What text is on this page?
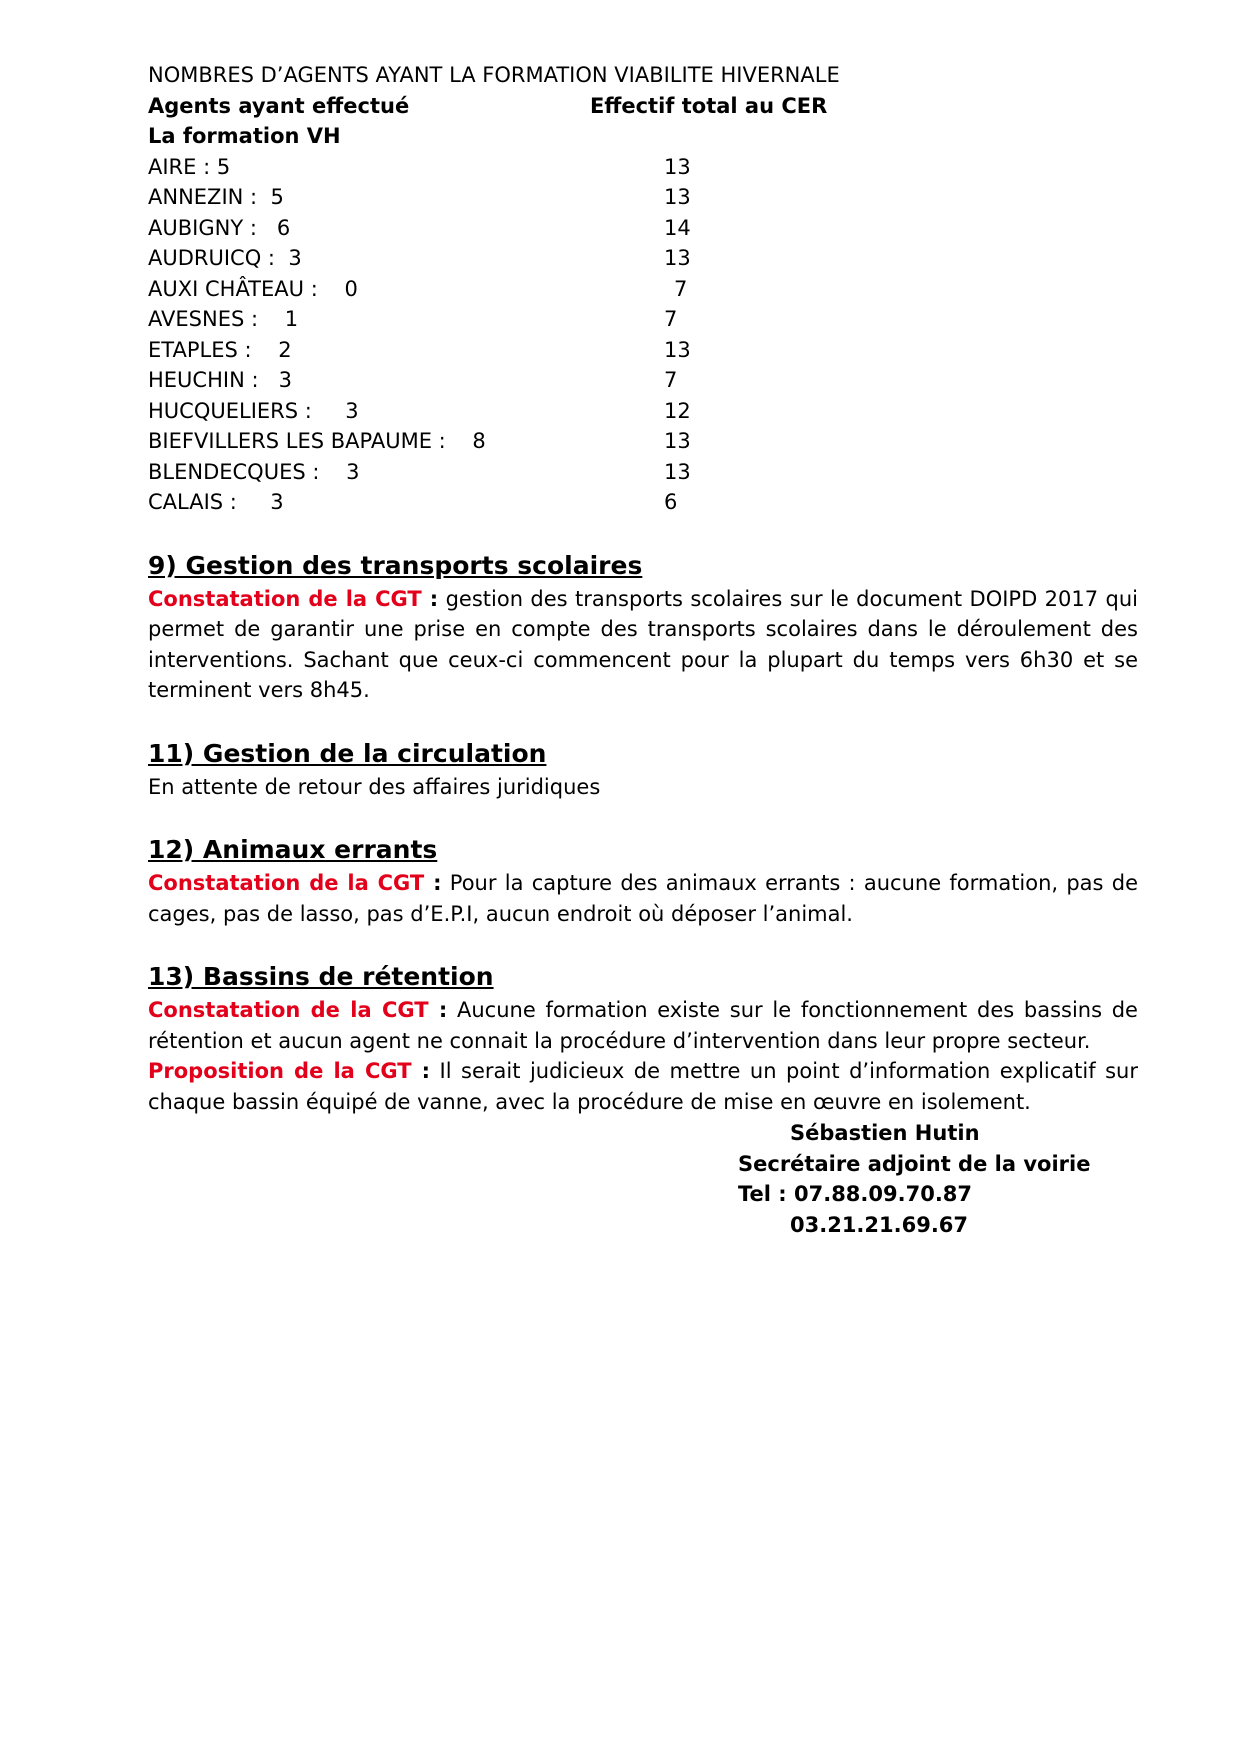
NOMBRES D’AGENTS AYANT LA FORMATION VIABILITE HIVERNALE
Agents ayant effectué	Effectif total au CER
La formation VH
AIRE : 5	13
ANNEZIN :  5	13
AUBIGNY :   6	14
AUDRUICQ :  3	13
AUXI CHÂTEAU :    0	7
AVESNES :    1	7
ETAPLES :    2	13
HEUCHIN :   3	7
HUCQUELIERS :     3	12
BIEFVILLERS LES BAPAUME :    8	13
BLENDECQUES :    3	13
CALAIS :     3	6
9) Gestion des transports scolaires

Constatation de la CGT : gestion des transports scolaires sur le document DOIPD 2017 qui permet de garantir une prise en compte des transports scolaires dans le déroulement des interventions. Sachant que ceux-ci commencent pour la plupart du temps vers 6h30 et se terminent vers 8h45.

11) Gestion de la circulation

En attente de retour des affaires juridiques

12) Animaux errants

Constatation de la CGT : Pour la capture des animaux errants : aucune formation, pas de cages, pas de lasso, pas d’E.P.I, aucun endroit où déposer l’animal.

13) Bassins de rétention

Constatation de la CGT : Aucune formation existe sur le fonctionnement des bassins de rétention et aucun agent ne connait la procédure d’intervention dans leur propre secteur.

Proposition de la CGT : Il serait judicieux de mettre un point d’information explicatif sur chaque bassin équipé de vanne, avec la procédure de mise en œuvre en isolement.

Sébastien Hutin
Secrétaire adjoint de la voirie
Tel : 07.88.09.70.87
03.21.21.69.67
